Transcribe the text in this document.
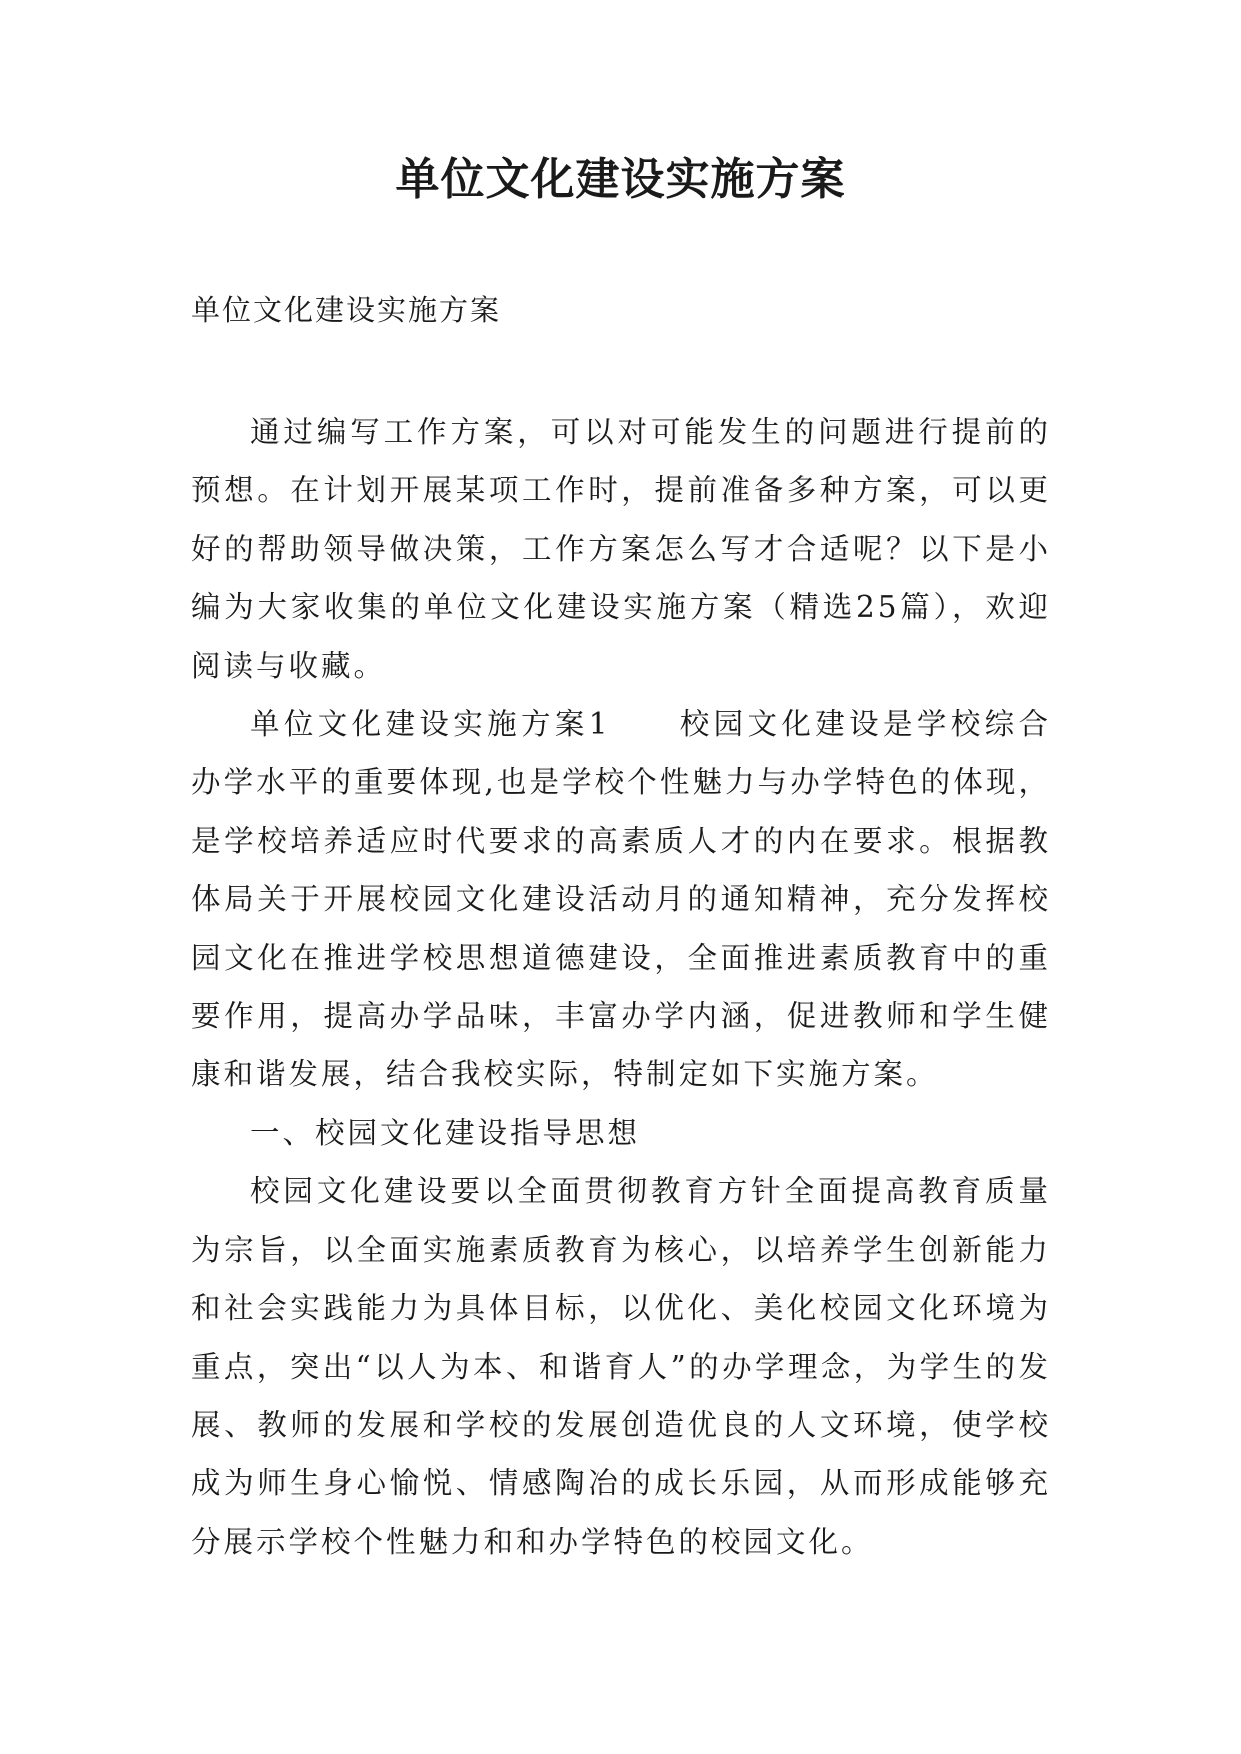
单位文化建设实施方案

单位文化建设实施方案

通过编写工作方案，可以对可能发生的问题进行提前的预想。在计划开展某项工作时，提前准备多种方案，可以更好的帮助领导做决策，工作方案怎么写才合适呢？以下是小编为大家收集的单位文化建设实施方案（精选25篇），欢迎阅读与收藏。

单位文化建设实施方案1　　校园文化建设是学校综合办学水平的重要体现,也是学校个性魅力与办学特色的体现，是学校培养适应时代要求的高素质人才的内在要求。根据教体局关于开展校园文化建设活动月的通知精神，充分发挥校园文化在推进学校思想道德建设，全面推进素质教育中的重要作用，提高办学品味，丰富办学内涵，促进教师和学生健康和谐发展，结合我校实际，特制定如下实施方案。

一、校园文化建设指导思想

校园文化建设要以全面贯彻教育方针全面提高教育质量为宗旨，以全面实施素质教育为核心，以培养学生创新能力和社会实践能力为具体目标，以优化、美化校园文化环境为重点，突出“以人为本、和谐育人”的办学理念，为学生的发展、教师的发展和学校的发展创造优良的人文环境，使学校成为师生身心愉悦、情感陶冶的成长乐园，从而形成能够充分展示学校个性魅力和和办学特色的校园文化。
